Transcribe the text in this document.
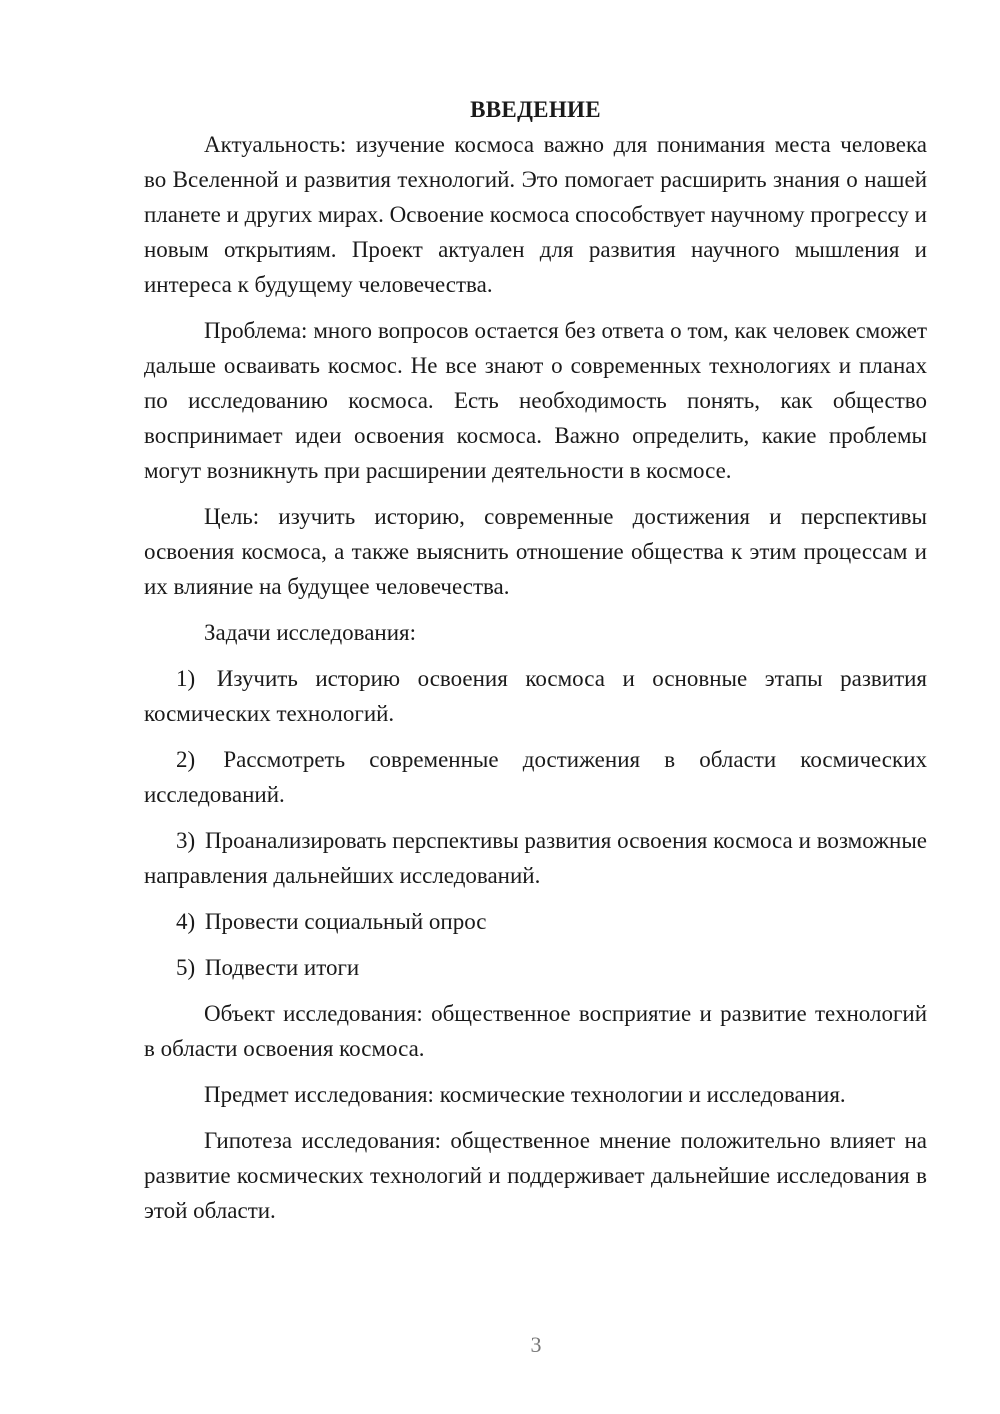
ВВЕДЕНИЕ

Актуальность: изучение космоса важно для понимания места человека во Вселенной и развития технологий. Это помогает расширить знания о нашей планете и других мирах. Освоение космоса способствует научному прогрессу и новым открытиям. Проект актуален для развития научного мышления и интереса к будущему человечества.

Проблема: много вопросов остается без ответа о том, как человек сможет дальше осваивать космос. Не все знают о современных технологиях и планах по исследованию космоса. Есть необходимость понять, как общество воспринимает идеи освоения космоса. Важно определить, какие проблемы могут возникнуть при расширении деятельности в космосе.

Цель: изучить историю, современные достижения и перспективы освоения космоса, а также выяснить отношение общества к этим процессам и их влияние на будущее человечества.

Задачи исследования:

1) Изучить историю освоения космоса и основные этапы развития космических технологий.

2) Рассмотреть современные достижения в области космических исследований.

3) Проанализировать перспективы развития освоения космоса и возможные направления дальнейших исследований.

4) Провести социальный опрос

5) Подвести итоги

Объект исследования: общественное восприятие и развитие технологий в области освоения космоса.

Предмет исследования: космические технологии и исследования.

Гипотеза исследования: общественное мнение положительно влияет на развитие космических технологий и поддерживает дальнейшие исследования в этой области.

3
